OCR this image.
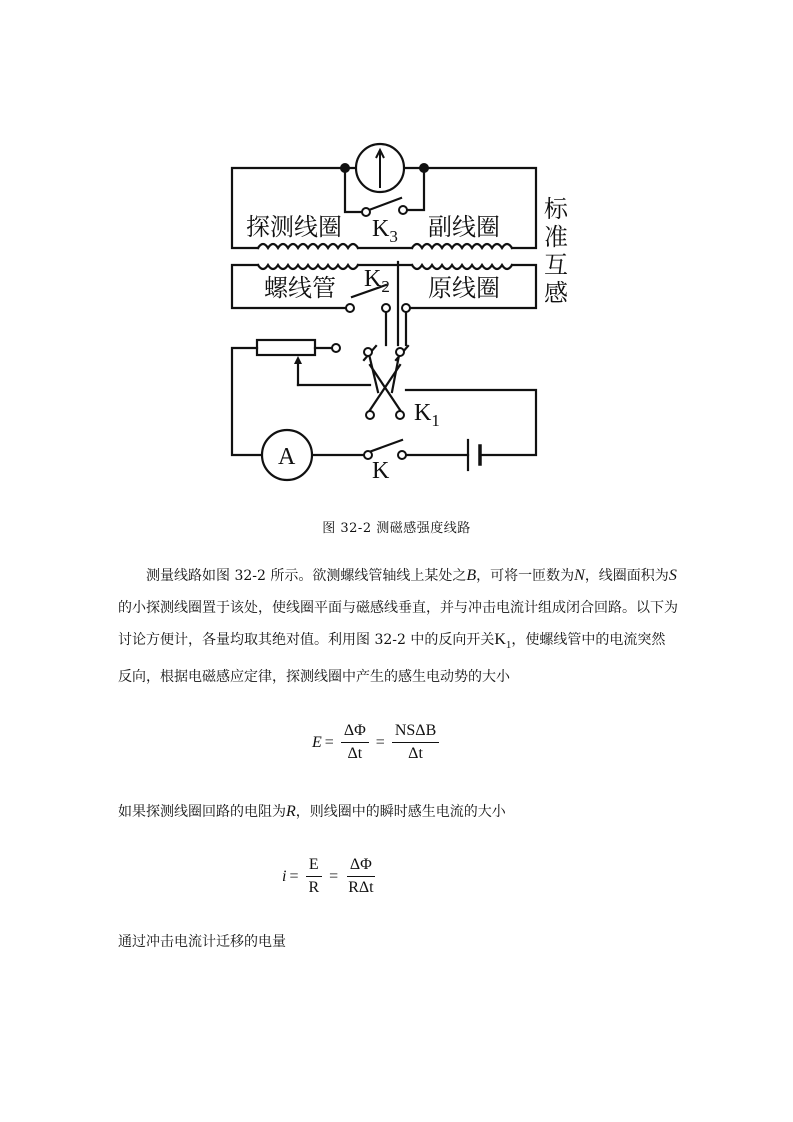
探测线圈 $K_3$ 副线圈
螺线管 $K_2$ 原线圈
标
准
互
感
$K_1$
A
K
图 32-2 测磁感强度线路
测量线路如图 32-2 所示。欲测螺线管轴线上某处之B，可将一匝数为N，线圈面积为S的小探测线圈置于该处，使线圈平面与磁感线垂直，并与冲击电流计组成闭合回路。以下为讨论方便计，各量均取其绝对值。利用图 32-2 中的反向开关$K_1$，使螺线管中的电流突然反向，根据电磁感应定律，探测线圈中产生的感生电动势的大小
$E = \frac{\Delta\Phi}{\Delta t} = \frac{\text{NSΔB}}{\Delta t}$
如果探测线圈回路的电阻为R，则线圈中的瞬时感生电流的大小
$i = \frac{E}{R} = \frac{\Delta\Phi}{\text{RΔt}}$
通过冲击电流计迁移的电量
